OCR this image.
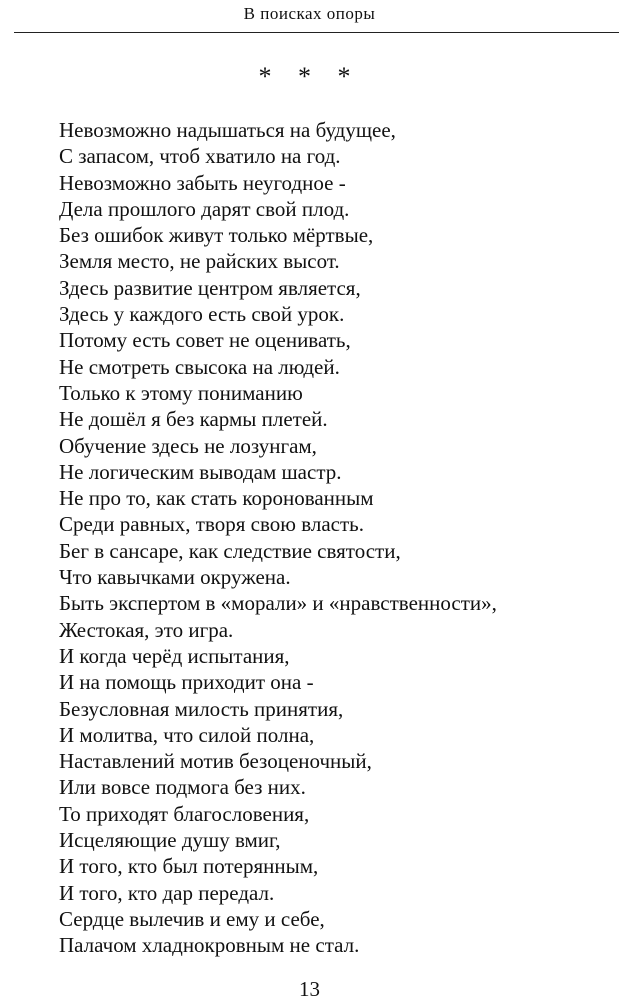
В поисках опоры
* * *
Невозможно надышаться на будущее,
С запасом, чтоб хватило на год.
Невозможно забыть неугодное -
Дела прошлого дарят свой плод.
Без ошибок живут только мёртвые,
Земля место, не райских высот.
Здесь развитие центром является,
Здесь у каждого есть свой урок.
Потому есть совет не оценивать,
Не смотреть свысока на людей.
Только к этому пониманию
Не дошёл я без кармы плетей.
Обучение здесь не лозунгам,
Не логическим выводам шастр.
Не про то, как стать коронованным
Среди равных, творя свою власть.
Бег в сансаре, как следствие святости,
Что кавычками окружена.
Быть экспертом в «морали» и «нравственности»,
Жестокая, это игра.
И когда черёд испытания,
И на помощь приходит она -
Безусловная милость принятия,
И молитва, что силой полна,
Наставлений мотив безоценочный,
Или вовсе подмога без них.
То приходят благословения,
Исцеляющие душу вмиг,
И того, кто был потерянным,
И того, кто дар передал.
Сердце вылечив и ему и себе,
Палачом хладнокровным не стал.
13
